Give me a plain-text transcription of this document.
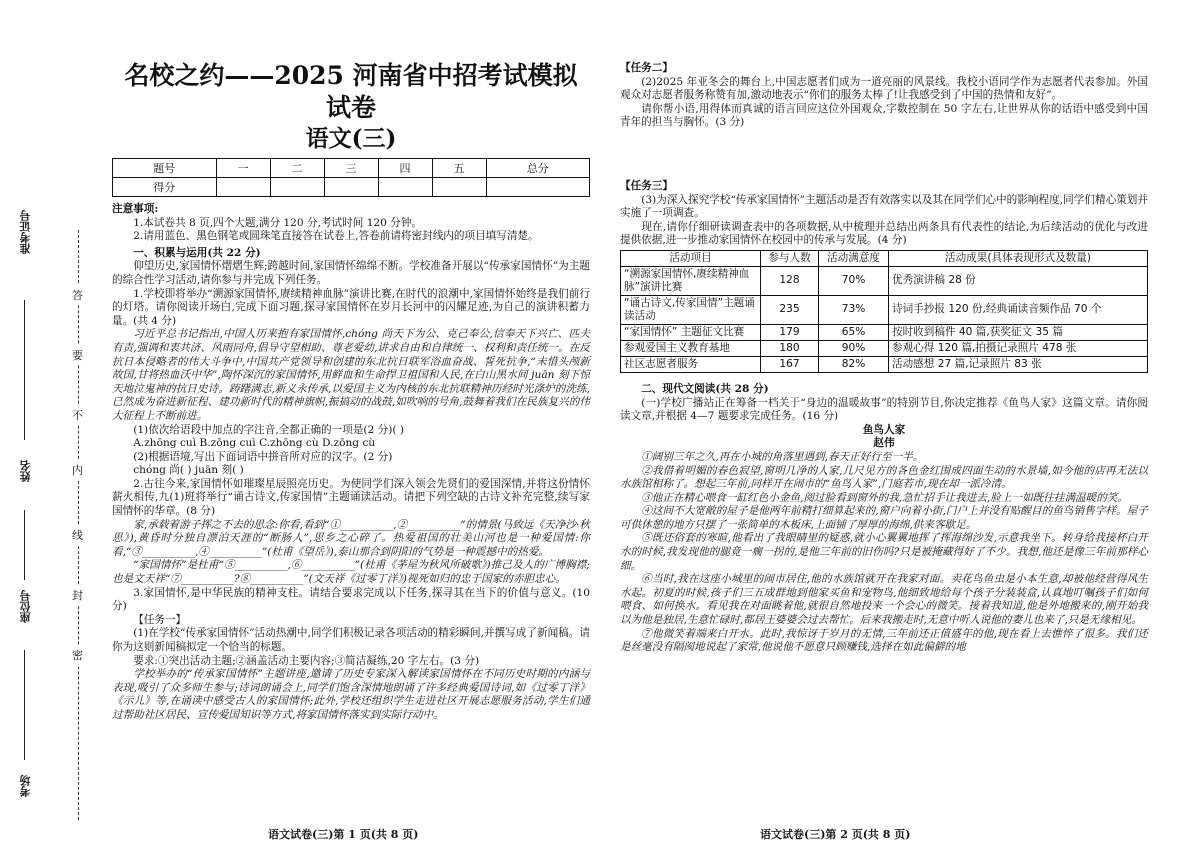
准考证号
姓名
座位号
考场
答
要
不
内
线
封
密
名校之约——2025 河南省中招考试模拟试卷
语文(三)
题号	一	二	三	四	五	总分
得分						
注意事项:
1.本试卷共 8 页,四个大题,满分 120 分,考试时间 120 分钟。
2.请用蓝色、黑色钢笔或圆珠笔直接答在试卷上,答卷前请将密封线内的项目填写清楚。
一、积累与运用(共 22 分)
仰望历史,家国情怀熠熠生辉;跨越时间,家国情怀绵绵不断。学校准备开展以“传承家国情怀”为主题的综合性学习活动,请你参与并完成下列任务。
1.学校即将举办“溯源家国情怀,赓续精神血脉”演讲比赛,在时代的浪潮中,家国情怀始终是我们前行的灯塔。请你阅读开场白,完成下面习题,探寻家国情怀在岁月长河中的闪耀足迹,为自己的演讲积蓄力量。(共 4 分)
习近平总书记指出,中国人历来抱有家国情怀,chóng 尚天下为公、克己奉公,信奉天下兴亡、匹夫有责,强调和衷共济、风雨同舟,倡导守望相助、尊老爱幼,讲求自由和自律统一、权利和责任统一。在反抗日本侵略者的伟大斗争中,中国共产党领导和创建的东北抗日联军浴血奋战、誓死抗争,“未惜头颅新故国,甘将热血沃中华”,陶怀深沉的家国情怀,用鲜血和生命捍卫祖国和人民,在白山黑水间 juān 刻下惊天地泣鬼神的抗日史诗。踌躇满志,新义永传承,以爱国主义为内核的东北抗联精神历经时光涤炉的洗练,已然成为奋进新征程、建功新时代的精神旗帜,振搞动的战鼓,如吹响的号角,鼓舞着我们在民族复兴的伟大征程上不断前进。
(1)依次给语段中加点的字注音,全都正确的一项是(2 分)( )
A.zhōng cuì B.zōng cuì C.zhōng cù D.zōng cù
(2)根据语境,写出下面词语中拼音所对应的汉字。(2 分)
chóng 尚( ) juān 刻( )
2.古往今来,家国情怀如璀璨星辰照亮历史。为使同学们深入领会先贤们的爱国深情,并将这份情怀薪火相传,九(1)班将举行“诵古诗文,传家国情”主题诵读活动。请把下列空缺的古诗文补充完整,续写家国情怀的华章。(8 分)
家,承载着游子挥之不去的思念:你看,看到“①__________,②__________”的情景(马致远《天净沙·秋思》),黄昏时分独自漂泊天涯的“断肠人”,思乡之心碎了。热爱祖国的壮美山河也是一种爱国情:你看,“③__________,④__________”(杜甫《望岳》),泰山那合到阴阳的气势是一种震撼中的热爱。
“家国情怀”是杜甫“⑤__________,⑥__________”(杜甫《茅屋为秋风所破歌》)推己及人的广博胸襟;也是文天祥“⑦__________?⑧__________”(文天祥《过零丁洋》)视死如归的忠于国家的赤胆忠心。
3.家国情怀,是中华民族的精神支柱。请结合要求完成以下任务,探寻其在当下的价值与意义。(10 分)
【任务一】
(1)在学校“传承家国情怀”活动热潮中,同学们积极记录各项活动的精彩瞬间,并撰写成了新闻稿。请你为这则新闻稿拟定一个恰当的标题。
要求:①突出活动主题;②涵盖活动主要内容;③简洁凝练,20 字左右。(3 分)
学校举办的“传承家国情怀”主题讲座,邀请了历史专家深入解读家国情怀在不同历史时期的内涵与表现,吸引了众多师生参与;诗词朗诵会上,同学们饱含深情地朗诵了许多经典爱国诗词,如《过零丁洋》《示儿》等,在诵读中感受古人的家国情怀;此外,学校还组织学生走进社区开展志愿服务活动,学生们通过帮助社区居民、宣传爱国知识等方式,将家国情怀落实到实际行动中。
【任务二】
(2)2025 年亚冬会的舞台上,中国志愿者们成为一道亮丽的风景线。我校小语同学作为志愿者代表参加。外国观众对志愿者服务称赞有加,激动地表示“你们的服务太棒了!让我感受到了中国的热情和友好”。
请你帮小语,用得体而真诚的语言回应这位外国观众,字数控制在 50 字左右,让世界从你的话语中感受到中国青年的担当与胸怀。(3 分)
【任务三】
(3)为深入探究学校“传承家国情怀”主题活动是否有效落实以及其在同学们心中的影响程度,同学们精心策划并实施了一项调查。
现在,请你仔细研读调查表中的各项数据,从中梳理并总结出两条具有代表性的结论,为后续活动的优化与改进提供依据,进一步推动家国情怀在校园中的传承与发展。(4 分)
活动项目	参与人数	活动满意度	活动成果(具体表现形式及数量)
“溯源家国情怀,赓续精神血脉”演讲比赛	128	70%	优秀演讲稿 28 份
“诵古诗文,传家国情”主题诵读活动	235	73%	诗词手抄报 120 份,经典诵读音频作品 70 个
“家国情怀” 主题征文比赛	179	65%	按时收到稿件 40 篇,获奖征文 35 篇
参观爱国主义教育基地	180	90%	参观心得 120 篇,拍摄记录照片 478 张
社区志愿者服务	167	82%	活动感想 27 篇,记录照片 83 张
二、现代文阅读(共 28 分)
(一)学校广播站正在筹备一档关于“身边的温暖故事”的特别节目,你决定推荐《鱼鸟人家》这篇文章。请你阅读文章,并根据 4—7 题要求完成任务。(16 分)
鱼鸟人家
赵伟
①阔别三年之久,再在小城的角落里遇到,春天正好行至一半。
②我借着明媚的春色寂望,窗明几净的人家,几尺见方的各色金红围成四面生动的水景墙,如今他的店再无法以水族馆相称了。想起三年前,同样开在闹市的“鱼鸟人家”,门庭若市,现在却一派冷清。
③他正在精心喂食一缸红色小金鱼,阅过脸看到窗外的我,急忙招手让我进去,脸上一如既往挂满温暖的笑。
④这间不大宽敞的屋子是他两年前精打细算起来的,窗户向着小街,门户上并没有贴醒目的鱼鸟销售字样。屋子可供休憩的地方只摆了一张简单的木板床,上面铺了厚厚的海绵,供来客歇足。
⑤既还俗套的寒暄,他看出了我眼睛里的疑惑,就小心翼翼地挥了挥海绵沙发,示意我坐下。转身给我接杯白开水的时候,我发现他的腿竟一瘸一拐的,是他三年前的旧伤吗?只是被掩藏得好了不少。我想,他还是像三年前那样心细。
⑥当时,我在这座小城里的闹市居住,他的水族馆就开在我家对面。卖花鸟鱼虫是小本生意,却被他经营得风生水起。初夏的时候,孩子们三五成群地到他家买鱼和宠物鸟,他细致地给每个孩子分装装盒,认真地叮嘱孩子们如何喂食、如何换水。看见我在对面眺着他,就很自然地投来一个会心的微笑。接着我知道,他是外地搬来的,刚开始我以为他是独居,生意忙碌时,都居王婆婆会过去帮忙。后来我搬走时,无意中听人说他的妻儿也来了,只是无缘相见。
⑦他微笑着端来白开水。此时,我惊讶于岁月的无情,三年前还正值盛年的他,现在看上去憔悴了很多。我们还是丝毫没有隔阂地说起了家常,他说他不愿意只顾赚钱,选择在如此偏僻的地
语文试卷(三)第 1 页(共 8 页)	语文试卷(三)第 2 页(共 8 页)
